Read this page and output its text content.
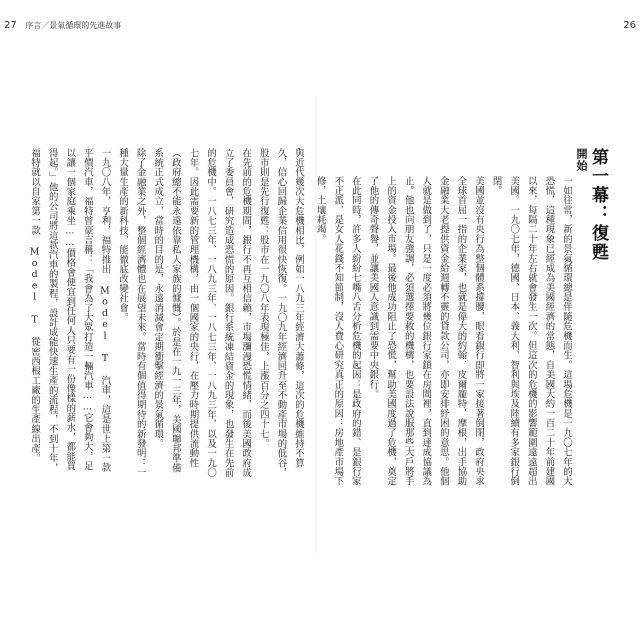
27 序言／景氣循環的先進故事	26
與近代幾次大危機相比，例如一八九三年經濟大蕭條，這次的危機維持不算久，信心回歸企業信用很快恢復。一九〇九年經濟回升至不動產市場的低谷，股市則是先行復甦：股市在一九〇八年表現極佳，上漲百分之四十七。
在先前的危機期間，銀行不再互相信賴，市場瀰漫恐慌情緒，而後美國政府成立了委員會，研究造成恐慌的原因。銀行系統凍結資金的現象，也發生在先前的危機中。一八七三年、一八九三年、一八七三年、一八九三年，以及一九〇七年。因此需要新的管理機構，由一個國家的央行，在壓力時期提供流動性（政府總不能永遠依靠私人家族的慷慨）。於是在一九一三年，美國聯邦準備系統正式成立，當時的目的是，永遠消滅會定期衝擊經濟的景氣循環。
除了金融業之外，整個經濟體也在展望未來。當時有個值得期待的新發明：一種大量生產的新科技，能徹底改變社會。
一九〇八年，亨利．福特推出 Model T 汽車，這是世上第一款平價汽車，福特曾豪言稱：「我會為了大眾打造一輛汽車……它會夠大，足以讓一個家庭乘坐……價格會便宜到任何人只要有一份像樣的薪水，都能買得起。」他的公司將這款汽車的製程，設計成能快速生產的流程，不到十年，福特就以自家第一款 Model T 從密西根工廠的生產線出產。	第一幕：復甦
開始
一如往常，新的景氣循環總是伴隨危機而生。這場危機是一九〇七年的大恐慌，這種現象已經成為美國經濟的常態，自美國大約一百二十年前建國以來，每隔二十年左右就會發生一次。但這次的危機的影響範圍遠遠超出美國。一九〇七年，德國、日本、義大利、智利與埃及陸續有多家銀行倒閉。
美國並沒有央行為整個體系撐腰，眼看銀行即將一家接著倒閉，政府央求全球首屈一指的企業家，也就是偉大的約翰．皮爾龐特．摩根，出手協助金融業大老提供資金給週轉不靈的貸款公司，亦即安排紓困的意思。他個人就是做到了，只是一度必須將幾位銀行家鎖在房間裡，直到達成協議為止。他也向朋友強調，必須選擇要救的機構，也要設法說服那些大戶將手上的資金投入市場。最後他成功阻止了恐慌，幫助美國度過了危機，奠定了他的傳奇聲譽，並讓美國人意識到需要中央銀行。
在此同時，許多人紛紛七嘴八舌分析危機的起因：是政府的錯、是銀行家不正派、是女人花錢不知節制，沒人費心研究真正的原因：房地產市場下修，土壤耗竭。
